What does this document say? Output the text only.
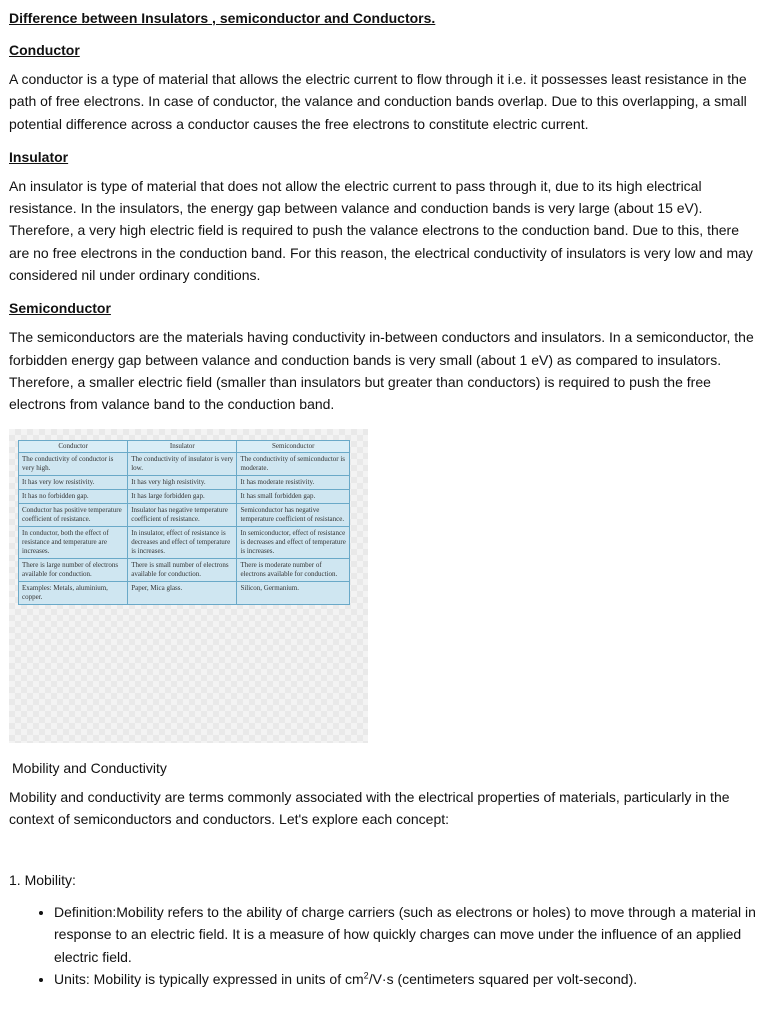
Difference between Insulators , semiconductor and Conductors.

Conductor

A conductor is a type of material that allows the electric current to flow through it i.e. it possesses least resistance in the path of free electrons. In case of conductor, the valance and conduction bands overlap. Due to this overlapping, a small potential difference across a conductor causes the free electrons to constitute electric current.

Insulator

An insulator is type of material that does not allow the electric current to pass through it, due to its high electrical resistance. In the insulators, the energy gap between valance and conduction bands is very large (about 15 eV). Therefore, a very high electric field is required to push the valance electrons to the conduction band. Due to this, there are no free electrons in the conduction band. For this reason, the electrical conductivity of insulators is very low and may considered nil under ordinary conditions.

Semiconductor

The semiconductors are the materials having conductivity in-between conductors and insulators. In a semiconductor, the forbidden energy gap between valance and conduction bands is very small (about 1 eV) as compared to insulators. Therefore, a smaller electric field (smaller than insulators but greater than conductors) is required to push the free electrons from valance band to the conduction band.

Conductor	Insulator	Semiconductor
The conductivity of conductor is very high.	The conductivity of insulator is very low.	The conductivity of semiconductor is moderate.
It has very low resistivity.	It has very high resistivity.	It has moderate resistivity.
It has no forbidden gap.	It has large forbidden gap.	It has small forbidden gap.
Conductor has positive temperature coefficient of resistance.	Insulator has negative temperature coefficient of resistance.	Semiconductor has negative temperature coefficient of resistance.
In conductor, both the effect of resistance and temperature are increases.	In insulator, effect of resistance is decreases and effect of temperature is increases.	In semiconductor, effect of resistance is decreases and effect of temperature is increases.
There is large number of electrons available for conduction.	There is small number of electrons available for conduction.	There is moderate number of electrons available for conduction.
Examples: Metals, aluminium, copper.	Paper, Mica glass.	Silicon, Germanium.

Mobility and Conductivity

Mobility and conductivity are terms commonly associated with the electrical properties of materials, particularly in the context of semiconductors and conductors. Let's explore each concept:

1. Mobility:

• Definition:Mobility refers to the ability of charge carriers (such as electrons or holes) to move through a material in response to an electric field. It is a measure of how quickly charges can move under the influence of an applied electric field.
• Units: Mobility is typically expressed in units of $cm^2/V\cdot s$ (centimeters squared per volt-second).
